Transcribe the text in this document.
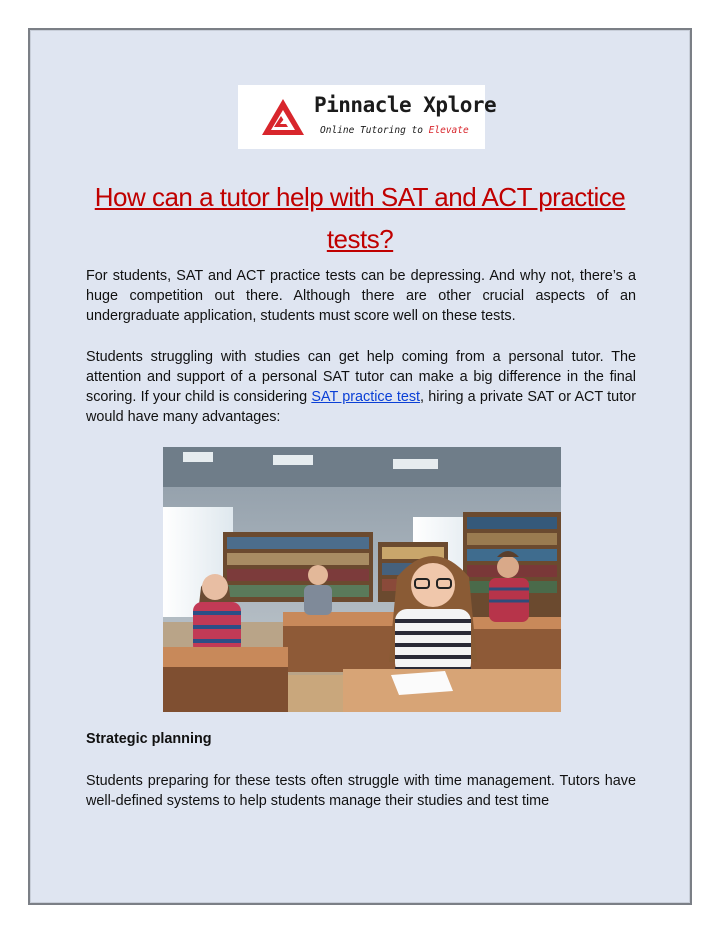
Pinnacle Xplore
Online Tutoring to Elevate
How can a tutor help with SAT and ACT practice tests?

For students, SAT and ACT practice tests can be depressing. And why not, there’s a huge competition out there. Although there are other crucial aspects of an undergraduate application, students must score well on these tests.

Students struggling with studies can get help coming from a personal tutor. The attention and support of a personal SAT tutor can make a big difference in the final scoring. If your child is considering SAT practice test, hiring a private SAT or ACT tutor would have many advantages:

Strategic planning

Students preparing for these tests often struggle with time management. Tutors have well-defined systems to help students manage their studies and test time
